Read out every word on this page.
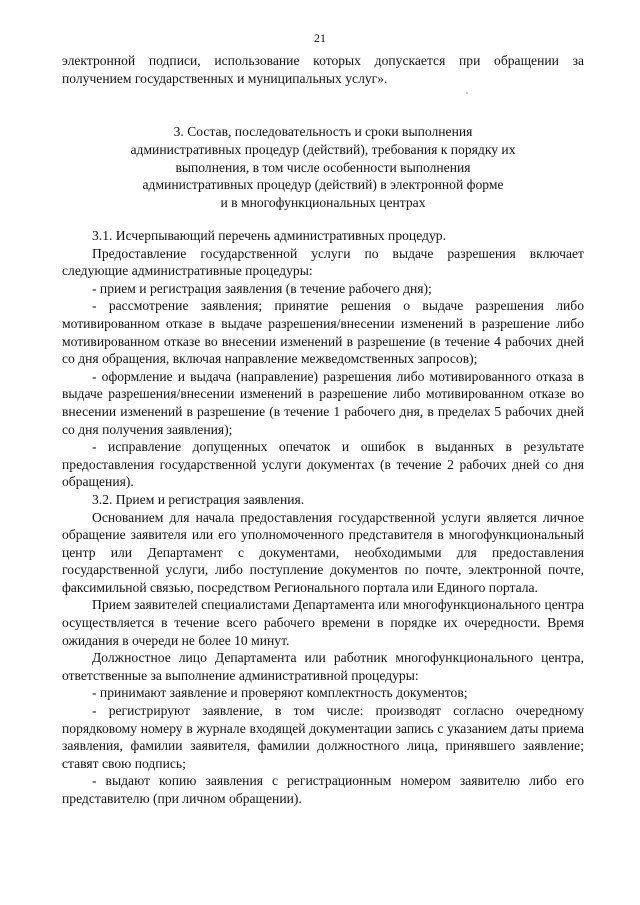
21

электронной подписи, использование которых допускается при обращении за получением государственных и муниципальных услуг».

3. Состав, последовательность и сроки выполнения
административных процедур (действий), требования к порядку их
выполнения, в том числе особенности выполнения
административных процедур (действий) в электронной форме
и в многофункциональных центрах

3.1. Исчерпывающий перечень административных процедур.

Предоставление государственной услуги по выдаче разрешения включает следующие административные процедуры:

- прием и регистрация заявления (в течение рабочего дня);

- рассмотрение заявления; принятие решения о выдаче разрешения либо мотивированном отказе в выдаче разрешения/внесении изменений в разрешение либо мотивированном отказе во внесении изменений в разрешение (в течение 4 рабочих дней со дня обращения, включая направление межведомственных запросов);

- оформление и выдача (направление) разрешения либо мотивированного отказа в выдаче разрешения/внесении изменений в разрешение либо мотивированном отказе во внесении изменений в разрешение (в течение 1 рабочего дня, в пределах 5 рабочих дней со дня получения заявления);

- исправление допущенных опечаток и ошибок в выданных в результате предоставления государственной услуги документах (в течение 2 рабочих дней со дня обращения).

3.2. Прием и регистрация заявления.

Основанием для начала предоставления государственной услуги является личное обращение заявителя или его уполномоченного представителя в многофункциональный центр или Департамент с документами, необходимыми для предоставления государственной услуги, либо поступление документов по почте, электронной почте, факсимильной связью, посредством Регионального портала или Единого портала.

Прием заявителей специалистами Департамента или многофункционального центра осуществляется в течение всего рабочего времени в порядке их очередности. Время ожидания в очереди не более 10 минут.

Должностное лицо Департамента или работник многофункционального центра, ответственные за выполнение административной процедуры:

- принимают заявление и проверяют комплектность документов;

- регистрируют заявление, в том числе: производят согласно очередному порядковому номеру в журнале входящей документации запись с указанием даты приема заявления, фамилии заявителя, фамилии должностного лица, принявшего заявление; ставят свою подпись;

- выдают копию заявления с регистрационным номером заявителю либо его представителю (при личном обращении).
